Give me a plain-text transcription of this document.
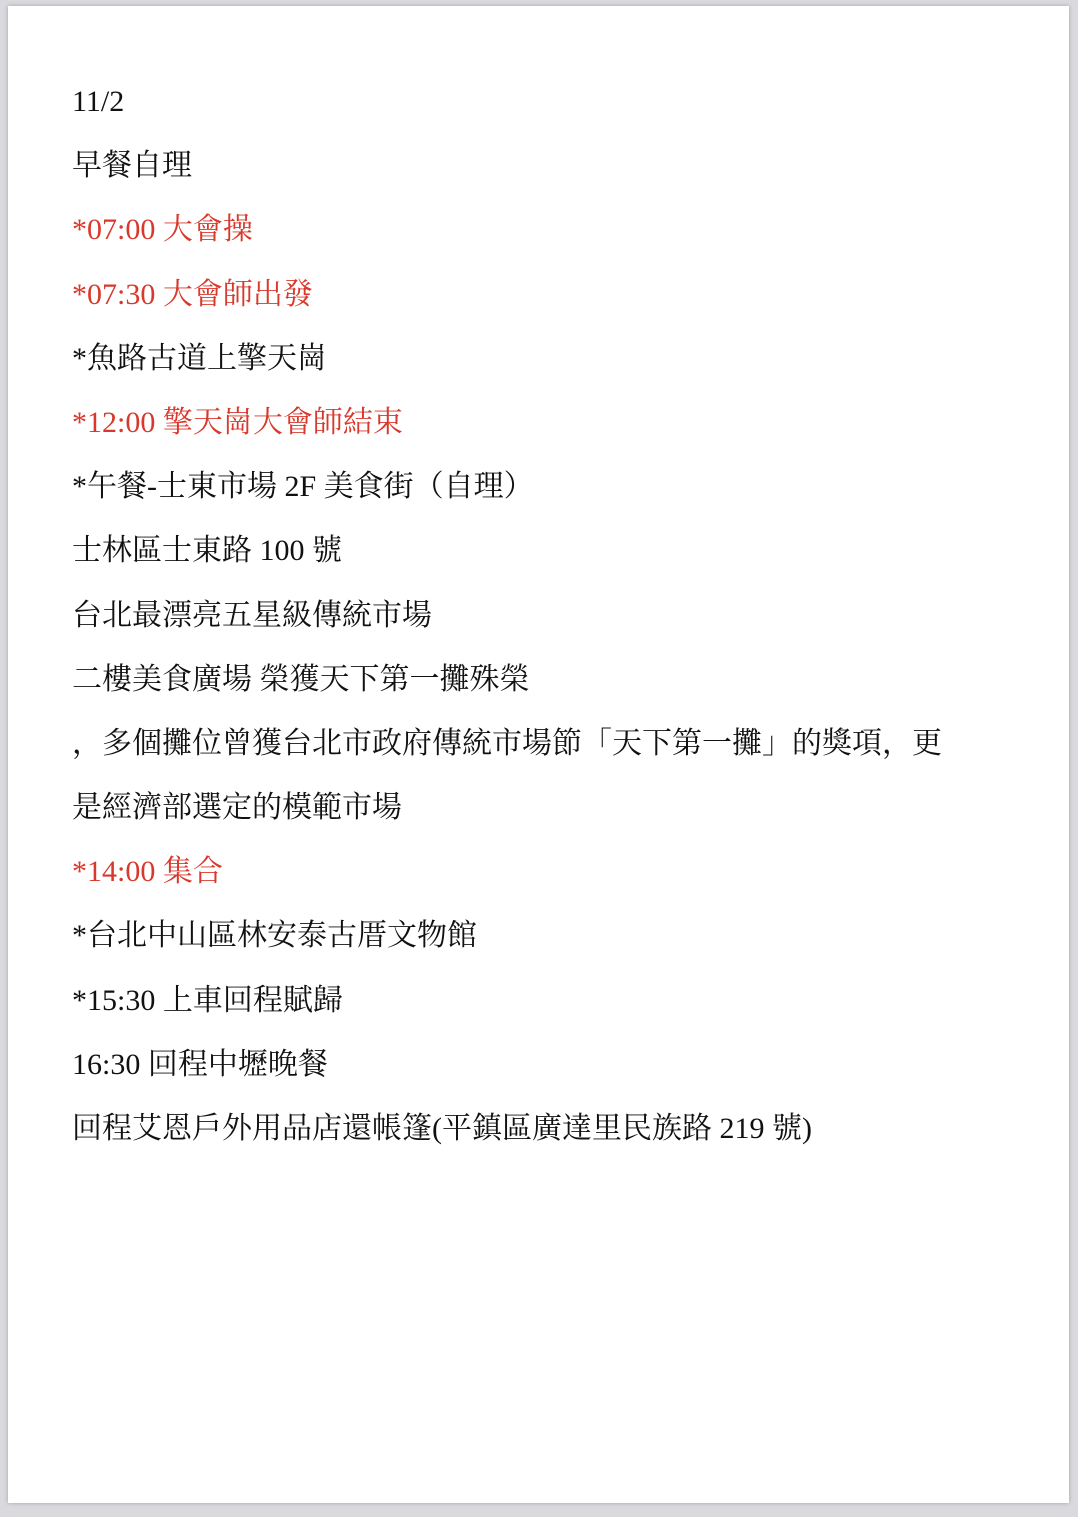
11/2
早餐自理
*07:00 大會操
*07:30 大會師出發
*魚路古道上擎天崗
*12:00 擎天崗大會師結束
*午餐-士東市場 2F 美食街（自理）
士林區士東路 100 號
台北最漂亮五星級傳統市場
二樓美食廣場 榮獲天下第一攤殊榮
，多個攤位曾獲台北市政府傳統市場節「天下第一攤」的獎項，更
是經濟部選定的模範市場
*14:00 集合
*台北中山區林安泰古厝文物館
*15:30 上車回程賦歸
16:30 回程中壢晚餐
回程艾恩戶外用品店還帳篷(平鎮區廣達里民族路 219 號)
